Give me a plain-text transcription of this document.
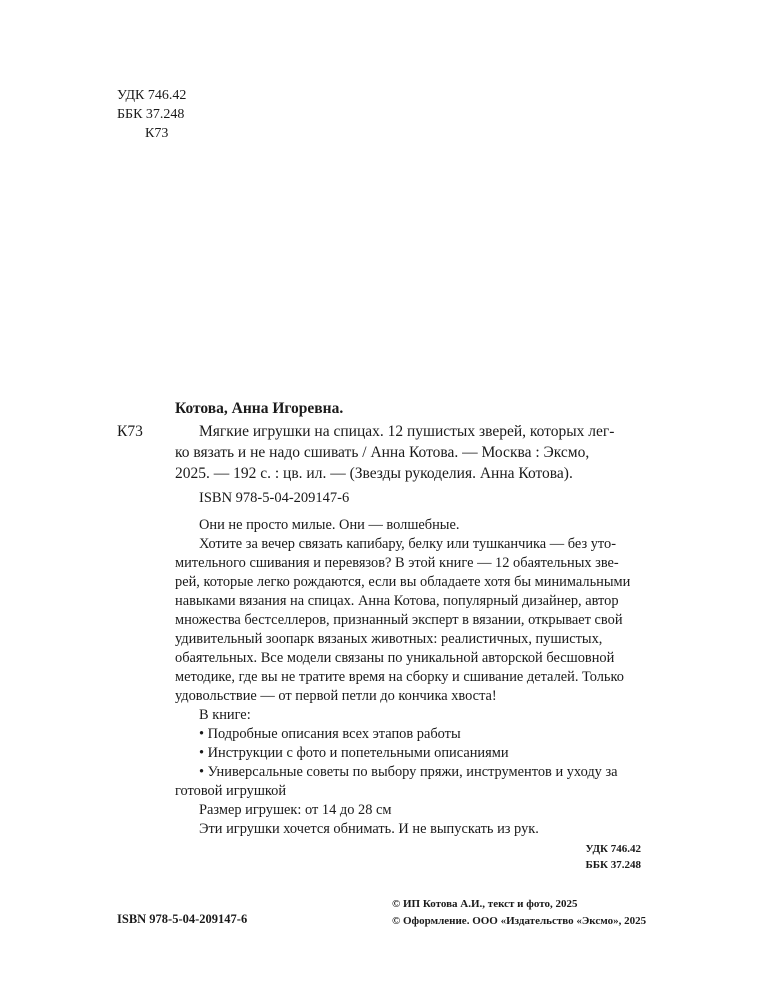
УДК 746.42
ББК 37.248
К73
Котова, Анна Игоревна.
К73	Мягкие игрушки на спицах. 12 пушистых зверей, которых лег-
ко вязать и не надо сшивать / Анна Котова. — Москва : Эксмо,
2025. — 192 с. : цв. ил. — (Звезды рукоделия. Анна Котова).
ISBN 978-5-04-209147-6
Они не просто милые. Они — волшебные.
Хотите за вечер связать капибару, белку или тушканчика — без уто-
мительного сшивания и перевязов? В этой книге — 12 обаятельных зве-
рей, которые легко рождаются, если вы обладаете хотя бы минимальными
навыками вязания на спицах. Анна Котова, популярный дизайнер, автор
множества бестселлеров, признанный эксперт в вязании, открывает свой
удивительный зоопарк вязаных животных: реалистичных, пушистых,
обаятельных. Все модели связаны по уникальной авторской бесшовной
методике, где вы не тратите время на сборку и сшивание деталей. Только
удовольствие — от первой петли до кончика хвоста!
В книге:
• Подробные описания всех этапов работы
• Инструкции с фото и попетельными описаниями
• Универсальные советы по выбору пряжи, инструментов и уходу за
готовой игрушкой
Размер игрушек: от 14 до 28 см
Эти игрушки хочется обнимать. И не выпускать из рук.
УДК 746.42
ББК 37.248
ISBN 978-5-04-209147-6
© ИП Котова А.И., текст и фото, 2025
© Оформление. ООО «Издательство «Эксмо», 2025
